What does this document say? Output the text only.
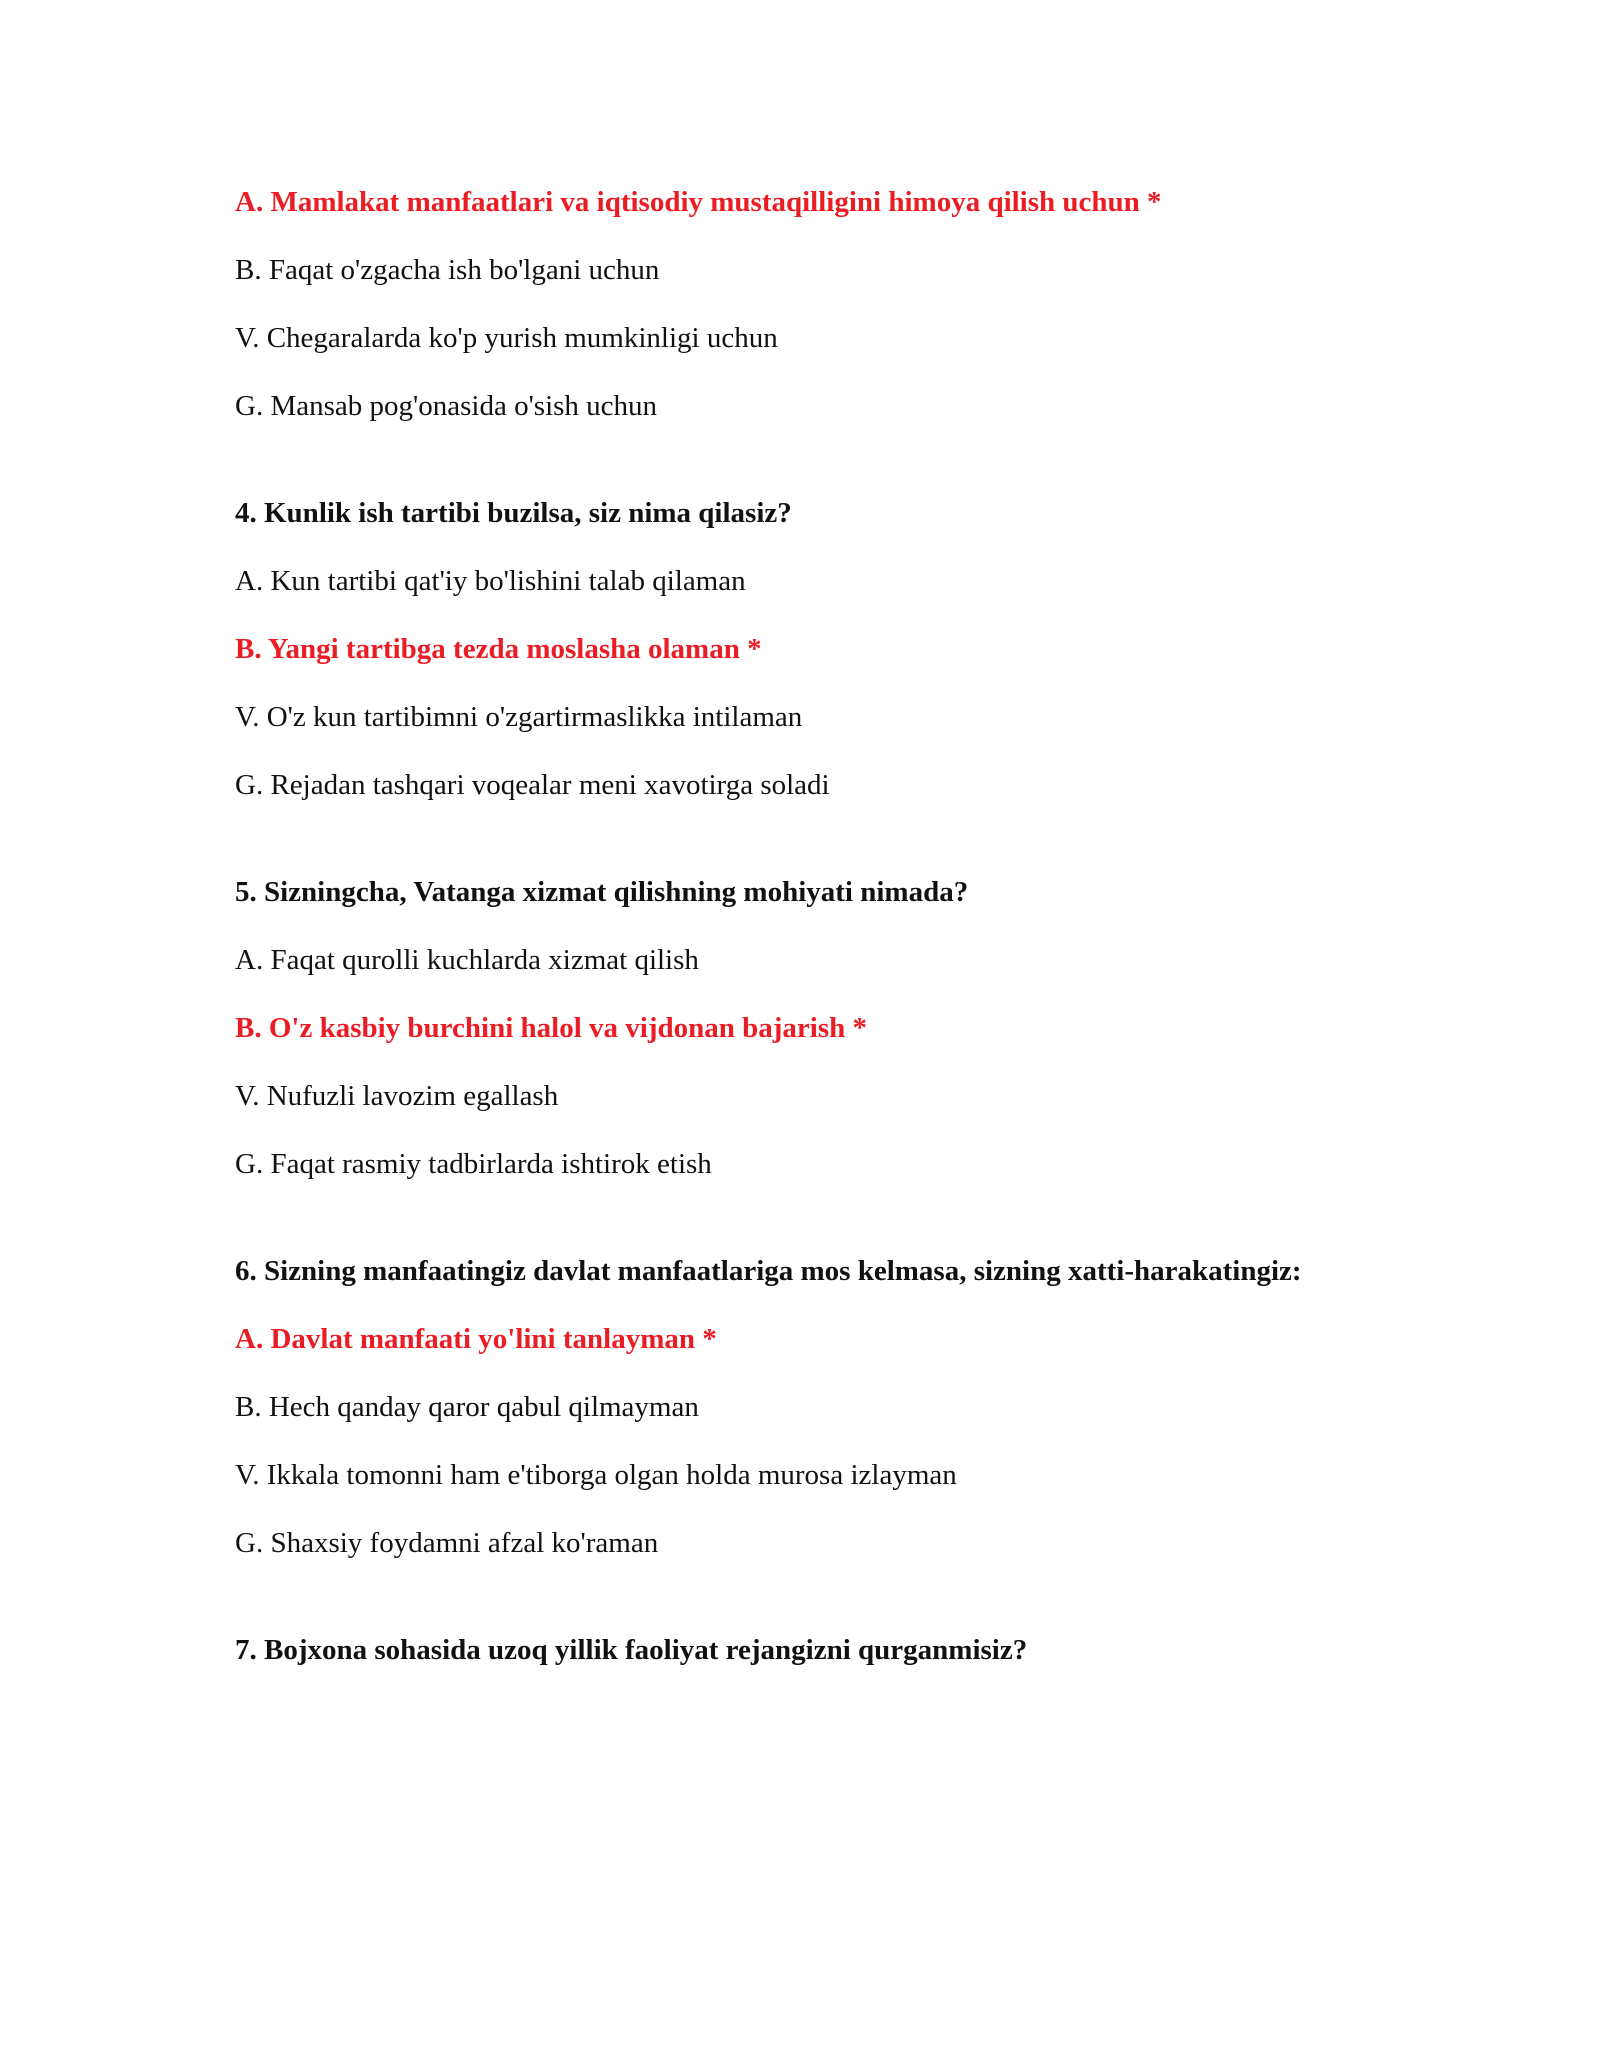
A. Mamlakat manfaatlari va iqtisodiy mustaqilligini himoya qilish uchun *
B. Faqat o'zgacha ish bo'lgani uchun
V. Chegaralarda ko'p yurish mumkinligi uchun
G. Mansab pog'onasida o'sish uchun
4. Kunlik ish tartibi buzilsa, siz nima qilasiz?
A. Kun tartibi qat'iy bo'lishini talab qilaman
B. Yangi tartibga tezda moslasha olaman *
V. O'z kun tartibimni o'zgartirmaslikka intilaman
G. Rejadan tashqari voqealar meni xavotirga soladi
5. Sizningcha, Vatanga xizmat qilishning mohiyati nimada?
A. Faqat qurolli kuchlarda xizmat qilish
B. O'z kasbiy burchini halol va vijdonan bajarish *
V. Nufuzli lavozim egallash
G. Faqat rasmiy tadbirlarda ishtirok etish
6. Sizning manfaatingiz davlat manfaatlariga mos kelmasa, sizning xatti-harakatingiz:
A. Davlat manfaati yo'lini tanlayman *
B. Hech qanday qaror qabul qilmayman
V. Ikkala tomonni ham e'tiborga olgan holda murosa izlayman
G. Shaxsiy foydamni afzal ko'raman
7. Bojxona sohasida uzoq yillik faoliyat rejangizni qurganmisiz?
